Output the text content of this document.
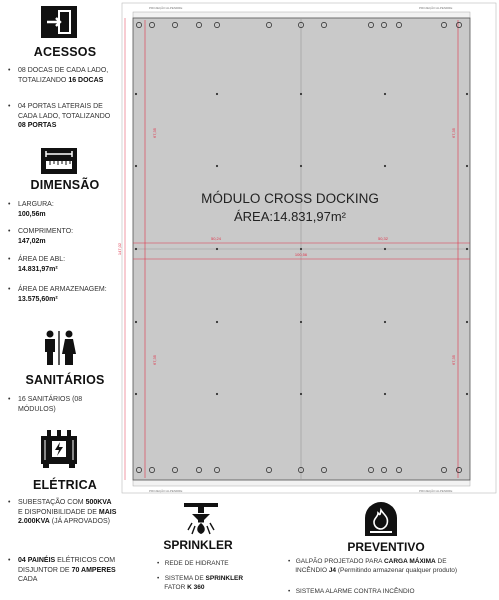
ACESSOS
• 08 DOCAS DE CADA LADO, TOTALIZANDO 16 DOCAS
• 04 PORTAS LATERAIS DE CADA LADO, TOTALIZANDO 08 PORTAS
DIMENSÃO
• LARGURA:
100,56m
• COMPRIMENTO:
147,02m
• ÁREA DE ABL:
14.831,97m²
• ÁREA DE ARMAZENAGEM:
13.575,60m²
SANITÁRIOS
• 16 SANITÁRIOS (08 MÓDULOS)
ELÉTRICA
• SUBESTAÇÃO COM 500KVA E DISPONIBILIDADE DE MAIS 2.000KVA (JÁ APROVADOS)
• 04 PAINÉIS ELÉTRICOS COM DISJUNTOR DE 70 AMPERES CADA
147,02
67,35
67,35
67,35
67,35
50,24	50,32
100,56
PROJEÇÃO ALPENDRE	PROJEÇÃO ALPENDRE
PROJEÇÃO ALPENDRE	PROJEÇÃO ALPENDRE
MÓDULO CROSS DOCKING
ÁREA:14.831,97m²
SPRINKLER
•   REDE DE HIDRANTE
•   SISTEMA DE SPRINKLER
FATOR K 360
PREVENTIVO
•   GALPÃO PROJETADO PARA CARGA MÁXIMA DE
INCÊNDIO J4 (Permitindo armazenar qualquer produto)
•   SISTEMA ALARME CONTRA INCÊNDIO
